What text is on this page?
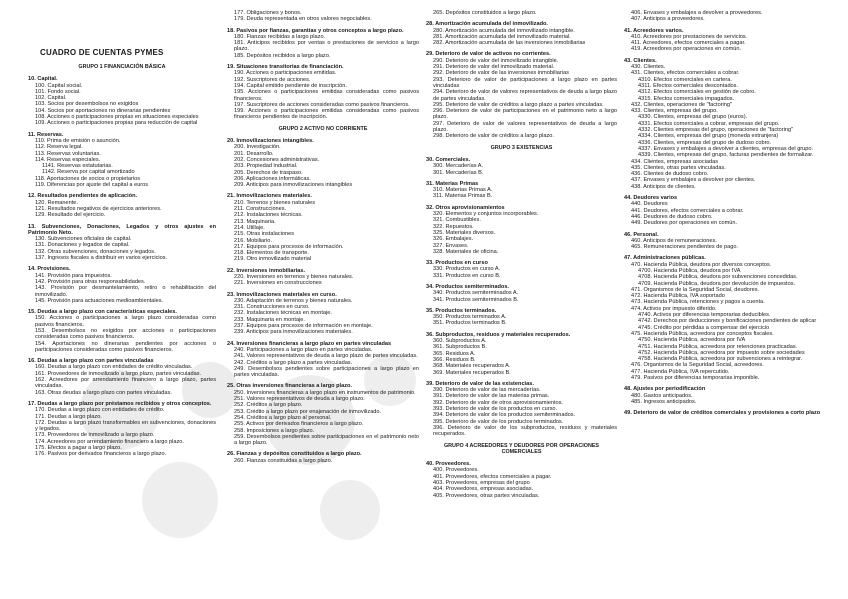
CUADRO DE CUENTAS PYMES
GRUPO 1 FINANCIACIÓN BÁSICA
10. Capital.
100. Capital social.
101. Fondo social.
102. Capital.
103. Socios por desembolsos no exigidos
104. Socios por aportaciones no dinerarias pendientes
108. Acciones o participaciones propias en situaciones especiales
109. Acciones o participaciones propias para reducción de capital
11. Reservas.
110. Prima de emisión o asunción.
112. Reserva legal.
113. Reservas voluntarias.
114. Reservas especiales.
1141. Reservas estatutarias.
1142. Reserva por capital amortizado
118. Aportaciones de socios o propietarios
119. Diferencias por ajuste del capital a euros
12. Resultados pendientes de aplicación.
120. Remanente.
121. Resultados negativos de ejercicios anteriores.
129. Resultado del ejercicio.
13. Subvenciones, Donaciones, Legados y otros ajustes en Patrimonio Neto.
130. Subvenciones oficiales de capital.
131. Donaciones y legados de capital.
132. Otras subvenciones, donaciones y legados.
137. Ingresos fiscales a distribuir en varios ejercicios.
14. Provisiones.
141. Provisión para impuestos.
142. Provisión para otras responsabilidades.
143. Provisión por desmantelamiento, retiro o rehabilitación del inmovilizado.
145. Provisión para actuaciones medioambientales.
15. Deudas a largo plazo con características especiales.
150. Acciones o participaciones a largo plazo consideradas como pasivos financieros.
153. Desembolsos no exigidos por acciones o participaciones consideradas como pasivos financieros.
154. Aportaciones no dinerarias pendientes por acciones o participaciones consideradas como pasivos financieros.
16. Deudas a largo plazo con partes vinculadas
160. Deudas a largo plazo con entidades de crédito vinculadas.
161. Proveedores de inmovilizado a largo plazo, partes vinculadas.
162. Acreedores por arrendamiento financiero a largo plazo, partes vinculadas.
163. Otras deudas a largo plazo con partes vinculadas.
17. Deudas a largo plazo por préstamos recibidos y otros conceptos.
170. Deudas a largo plazo con entidades de crédito.
171. Deudas a largo plazo.
172. Deudas a largo plazo transformables en subvenciones, donaciones y legados.
173. Proveedores de inmovilizado a largo plazo.
174. Acreedores por arrendamiento financiero a largo plazo.
175. Efectos a pagar a largo plazo.
176. Pasivos por derivados financieros a largo plazo.
177. Obligaciones y bonos.
179. Deuda representada en otros valores negociables.
18. Pasivos por fianzas, garantías y otros conceptos a largo plazo.
180. Fianzas recibidas a largo plazo.
181. Anticipos recibidos por ventas o prestaciones de servicios a largo plazo.
185. Depósitos recibidos a largo plazo.
19. Situaciones transitorias de financiación.
190. Acciones o participaciones emitidas.
192. Suscriptores de acciones.
194. Capital emitido pendiente de inscripción.
195. Acciones o participaciones emitidas consideradas como pasivos financieros.
197. Suscriptores de acciones consideradas como pasivos financieros.
199. Acciones o participaciones emitidas consideradas como pasivos financieros pendientes de inscripción.
GRUPO 2 ACTIVO NO CORRIENTE
20. Inmovilizaciones intangibles.
200. Investigación.
201. Desarrollo.
202. Concesiones administrativas.
203. Propiedad industrial.
205. Derechos de traspaso.
206. Aplicaciones informáticas.
209. Anticipos para inmovilizaciones intangibles
21. Inmovilizaciones materiales.
210. Terrenos y bienes naturales
211. Construcciones.
212. Instalaciones técnicas.
213. Maquinaria.
214. Utillaje.
215. Otras instalaciones
216. Mobiliario.
217. Equipos para procesos de información.
218. Elementos de transporte.
219. Otro inmovilizado material
22. Inversiones inmobiliarias.
220. Inversiones en terrenos y bienes naturales.
221. Inversiones en construcciones
23. Inmovilizaciones materiales en curso.
230. Adaptación de terrenos y bienes naturales.
231. Construcciones en curso.
232. Instalaciones técnicas en montaje.
233. Maquinaria en montaje.
237. Equipos para procesos de información en montaje.
239. Anticipos para inmovilizaciones materiales.
24. Inversiones financieras a largo plazo en partes vinculadas
240. Participaciones a largo plazo en partes vinculadas.
241. Valores representativos de deuda a largo plazo de partes vinculadas.
242. Créditos a largo plazo a partes vinculadas.
249. Desembolsos pendientes sobre participaciones a largo plazo en partes vinculadas.
25. Otras inversiones financieras a largo plazo.
250. Inversiones financieras a largo plazo en instrumentos de patrimonio.
251. Valores representativos de deuda a largo plazo.
252. Créditos a largo plazo.
253. Crédito a largo plazo por enajenación de inmovilizado.
254. Créditos a largo plazo al personal.
255. Activos por derivados financieros a largo plazo.
258. Imposiciones a largo plazo.
259. Desembolsos pendientes sobre participaciones en el patrimonio neto a largo plazo.
26. Fianzas y depósitos constituidos a largo plazo.
260. Fianzas constituidas a largo plazo.
265. Depósitos constituidos a largo plazo.
28. Amortización acumulada del inmovilizado.
280. Amortización acumulada del inmovilizado intangible.
281. Amortización acumulada del inmovilizado material.
282. Amortización acumulada de las inversiones inmobiliarias
29. Deterioro de valor de activos no corrientes.
290. Deterioro de valor del inmovilizado intangible.
291. Deterioro de valor del inmovilizado material.
292. Deterioro de valor de las inversiones inmobiliarias
293. Deterioro de valor de participaciones a largo plazo en partes vinculadas
294. Deterioro de valor de valores representativos de deuda a largo plazo de partes vinculadas.
295. Deterioro de valor de créditos a largo plazo a partes vinculadas.
296. Deterioro de valor de participaciones en el patrimonio neto a largo plazo.
297. Deterioro de valor de valores representativos de deuda a largo plazo.
298. Deterioro de valor de créditos a largo plazo.
GRUPO 3 EXISTENCIAS
30. Comerciales.
300. Mercaderías A.
301. Mercaderías B.
31. Materias Primas
310. Materias Primas A.
311. Materias Primas B.
32. Otros aprovisionamientos
320. Elementos y conjuntos incorporables.
321. Combustibles.
322. Repuestos.
325. Materiales diversos.
326. Embalajes.
327. Envases.
328. Materiales de oficina.
33. Productos en curso
330. Productos en curso A.
331. Productos en curso B.
34. Productos semiterminados.
340. Productos semiterminados A.
341. Productos semiterminados B.
35. Productos terminados.
350. Productos terminados A.
351. Productos terminados B.
36. Subproductos, residuos y materiales recuperados.
360. Subproductos A.
361. Subproductos B.
365. Residuos A.
366. Residuos B.
368. Materiales recuperados A.
369. Materiales recuperados B.
39. Deterioro de valor de las existencias.
390. Deterioro de valor de las mercaderías.
391. Deterioro de valor de las materias primas.
392. Deterioro de valor de otros aprovisionamientos.
393. Deterioro de valor de los productos en curso.
394. Deterioro de valor de los productos semiterminados.
395. Deterioro de valor de los productos terminados.
396. Deterioro de valor de los subproductos, residuos y materiales recuperados.
GRUPO 4 ACREEDORES Y DEUDORES POR OPERACIONES COMERCIALES
40. Proveedores.
400. Proveedores.
401. Proveedores, efectos comerciales a pagar.
403. Proveedores, empresas del grupo
404. Proveedores, empresas asociadas.
405. Proveedores, otras partes vinculadas.
406. Envases y embalajes a devolver a proveedores.
407. Anticipos a proveedores.
41. Acreedores varios.
410. Acreedores por prestaciones de servicios.
411. Acreedores, efectos comerciales a pagar.
419. Acreedores por operaciones en común.
43. Clientes.
430. Clientes.
431. Clientes, efectos comerciales a cobrar.
4310. Efectos comerciales en cartera.
4311. Efectos comerciales descontados.
4312. Efectos comerciales en gestión de cobro.
4315. Efectos comerciales impagados.
432. Clientes, operaciones de "factoring"
433. Clientes, empresas del grupo.
4330. Clientes, empresas del grupo (euros).
4331. Efectos comerciales a cobrar, empresas del grupo.
4332. Clientes empresas del grupo, operaciones de "factoring"
4334. Clientes, empresas del grupo (moneda extranjera)
4336. Clientes, empresas del grupo de dudoso cobro.
4337. Envases y embalajes a devolver a clientes, empresas del grupo.
4339. Clientes, empresas del grupo, facturas pendientes de formalizar.
434. Clientes, empresas asociadas
435. Clientes, otras partes vinculadas.
436. Clientes de dudoso cobro.
437. Envases y embalajes a devolver por clientes.
438. Anticipos de clientes.
44. Deudores varios
440. Deudores
441. Deudores, efectos comerciales a cobrar.
446. Deudores de dudoso cobro.
449. Deudores por operaciones en común.
46. Personal.
460. Anticipos de remuneraciones.
465. Remuneraciones pendientes de pago.
47. Administraciones públicas.
470. Hacienda Pública, deudora por diversos conceptos.
4700. Hacienda Pública, deudora por IVA
4708. Hacienda Pública, deudora por subvenciones concedidas.
4709. Hacienda Pública, deudora por devolución de impuestos.
471. Organismos de la Seguridad Social, deudores.
472. Hacienda Pública, IVA soportado
473. Hacienda Pública, retenciones y pagos a cuenta.
474. Activos por impuesto diferido.
4740. Activos por diferencias temporarias deducibles.
4742. Derechos por deducciones y bonificaciones pendientes de aplicar
4745. Crédito por pérdidas a compensar del ejercicio
475. Hacienda Pública, acreedora por conceptos fiscales.
4750. Hacienda Pública, acreedora por IVA
4751. Hacienda Pública, acreedora por retenciones practicadas.
4752. Hacienda Pública, acreedora por impuesto sobre sociedades
4758. Hacienda Pública, acreedora por subvenciones a reintegrar.
476. Organismos de la Seguridad Social, acreedores.
477. Hacienda Pública, IVA repercutido.
479. Pasivos por diferencias temporarias imponible.
48. Ajustes por periodificación
480. Gastos anticipados.
485. Ingresos anticipados.
49. Deterioro de valor de créditos comerciales y provisiones a corto plazo
